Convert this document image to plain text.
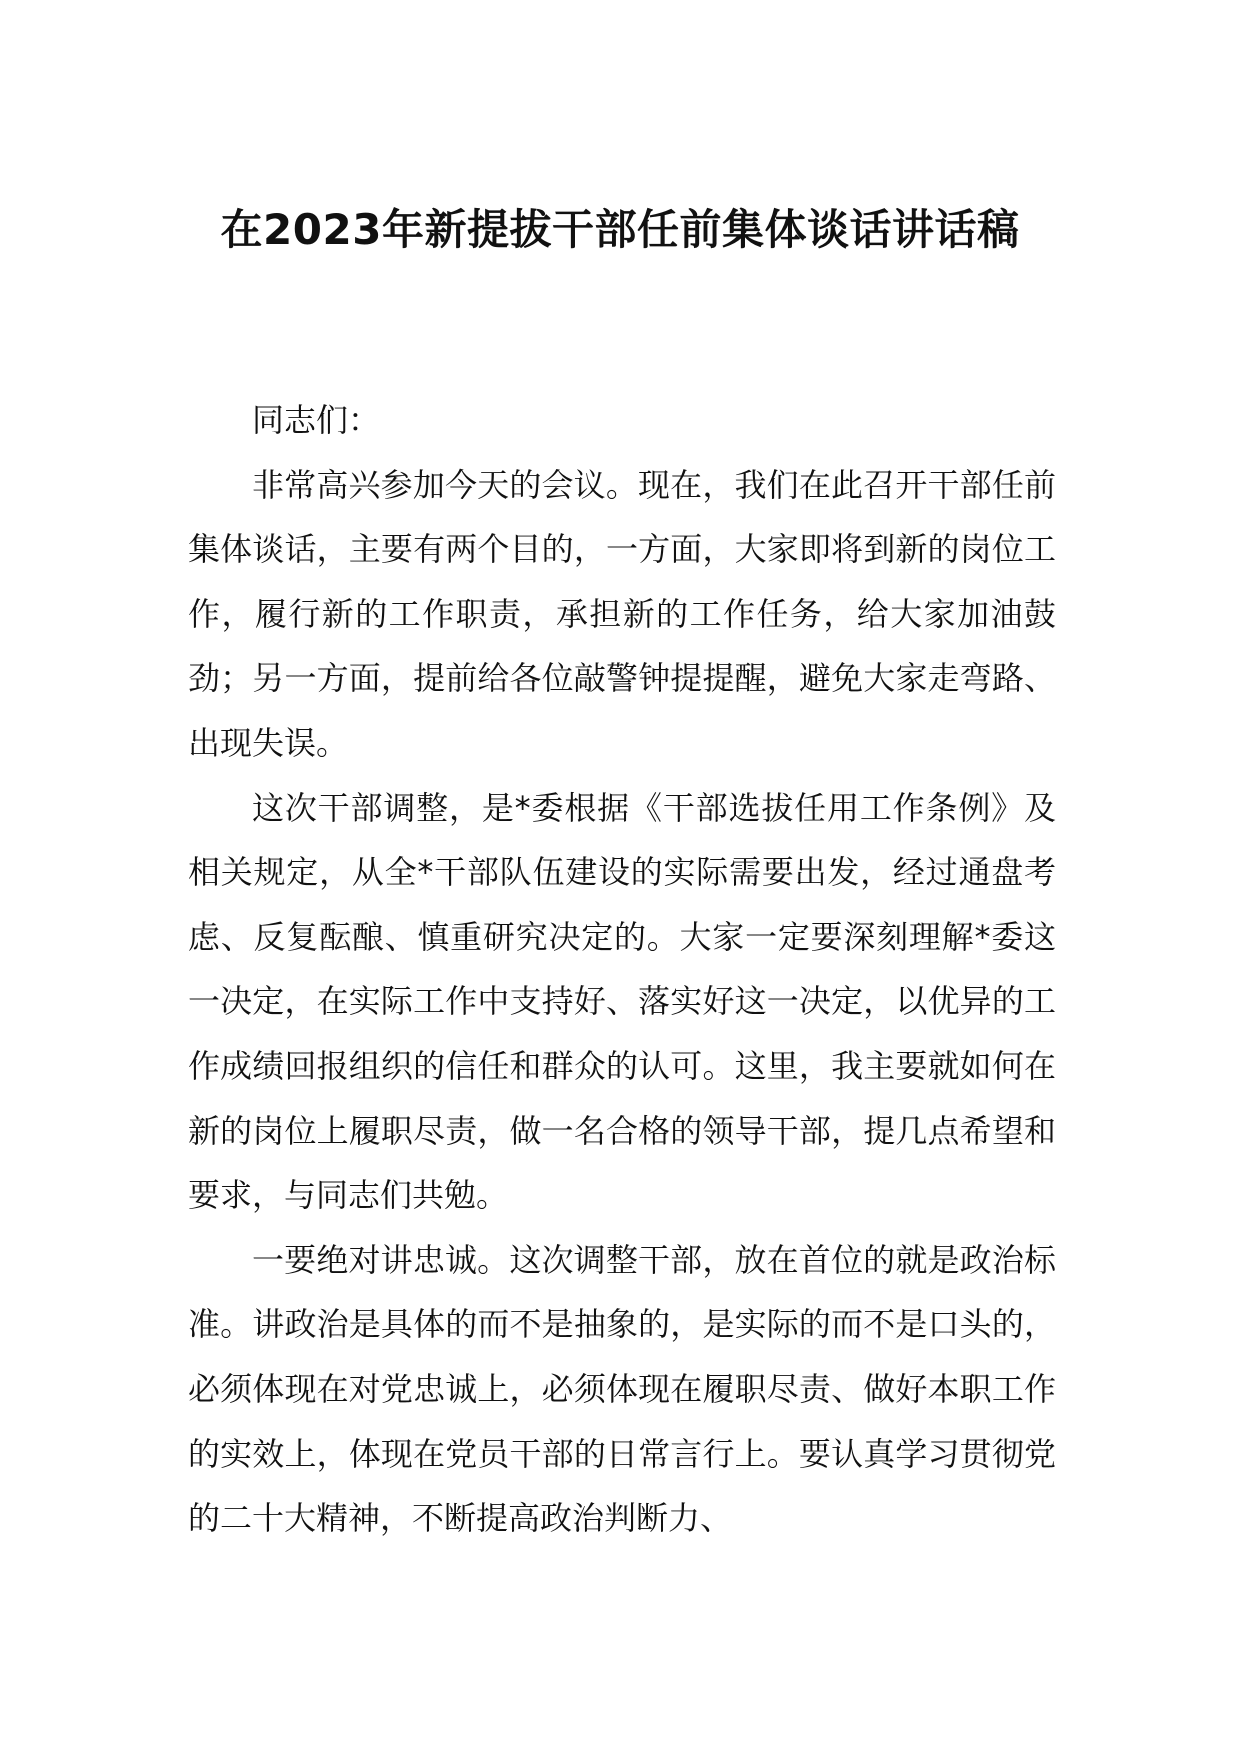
在2023年新提拔干部任前集体谈话讲话稿

同志们：

非常高兴参加今天的会议。现在，我们在此召开干部任前集体谈话，主要有两个目的，一方面，大家即将到新的岗位工作，履行新的工作职责，承担新的工作任务，给大家加油鼓劲；另一方面，提前给各位敲警钟提提醒，避免大家走弯路、出现失误。

这次干部调整，是*委根据《干部选拔任用工作条例》及相关规定，从全*干部队伍建设的实际需要出发，经过通盘考虑、反复酝酿、慎重研究决定的。大家一定要深刻理解*委这一决定，在实际工作中支持好、落实好这一决定，以优异的工作成绩回报组织的信任和群众的认可。这里，我主要就如何在新的岗位上履职尽责，做一名合格的领导干部，提几点希望和要求，与同志们共勉。

一要绝对讲忠诚。这次调整干部，放在首位的就是政治标准。讲政治是具体的而不是抽象的，是实际的而不是口头的，必须体现在对党忠诚上，必须体现在履职尽责、做好本职工作的实效上，体现在党员干部的日常言行上。要认真学习贯彻党的二十大精神，不断提高政治判断力、
